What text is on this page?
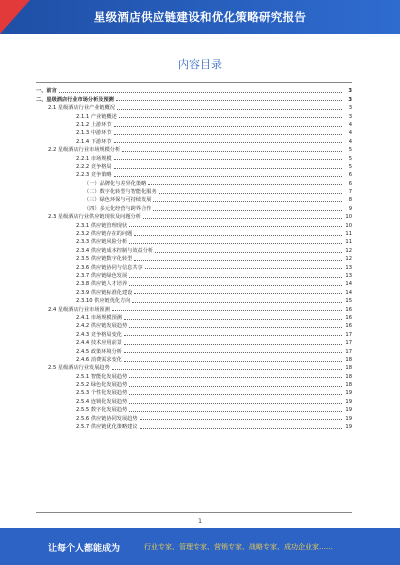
星级酒店供应链建设和优化策略研究报告
内容目录
一、前言	3
二、星级酒店行业市场分析及预测	3
2.1 星级酒店行业产业链概况	3
2.1.1 产业链概述	3
2.1.2 上游环节	4
2.1.3 中游环节	4
2.1.4 下游环节	4
2.2 星级酒店行业市场规模分析	5
2.2.1 市场规模	5
2.2.2 竞争格局	5
2.2.3 竞争策略	6
（一）品牌化与差异化策略	6
（二）数字化转型与智能化服务	7
（三）绿色环保与可持续发展	8
（四）多元化经营与跨界合作	9
2.3 星级酒店行业供应链现状及问题分析	10
2.3.1 供应链管理现状	10
2.3.2 供应链存在的问题	11
2.3.3 供应链风险分析	11
2.3.4 供应链成本控制与效益分析	12
2.3.5 供应链数字化转型	12
2.3.6 供应链协同与信息共享	13
2.3.7 供应链绿色发展	13
2.3.8 供应链人才培养	14
2.3.9 供应链标准化建设	14
2.3.10 供应链优化方向	15
2.4 星级酒店行业市场预测	16
2.4.1 市场规模预测	16
2.4.2 供应链发展趋势	16
2.4.3 竞争格局变化	17
2.4.4 技术应用前景	17
2.4.5 政策环境分析	17
2.4.6 消费需求变化	18
2.5 星级酒店行业发展趋势	18
2.5.1 智能化发展趋势	18
2.5.2 绿色化发展趋势	18
2.5.3 个性化发展趋势	19
2.5.4 连锁化发展趋势	19
2.5.5 数字化发展趋势	19
2.5.6 供应链协同发展趋势	19
2.5.7 供应链优化策略建议	19
1
让每个人都能成为	行业专家、管理专家、营销专家、战略专家、成功企业家……
